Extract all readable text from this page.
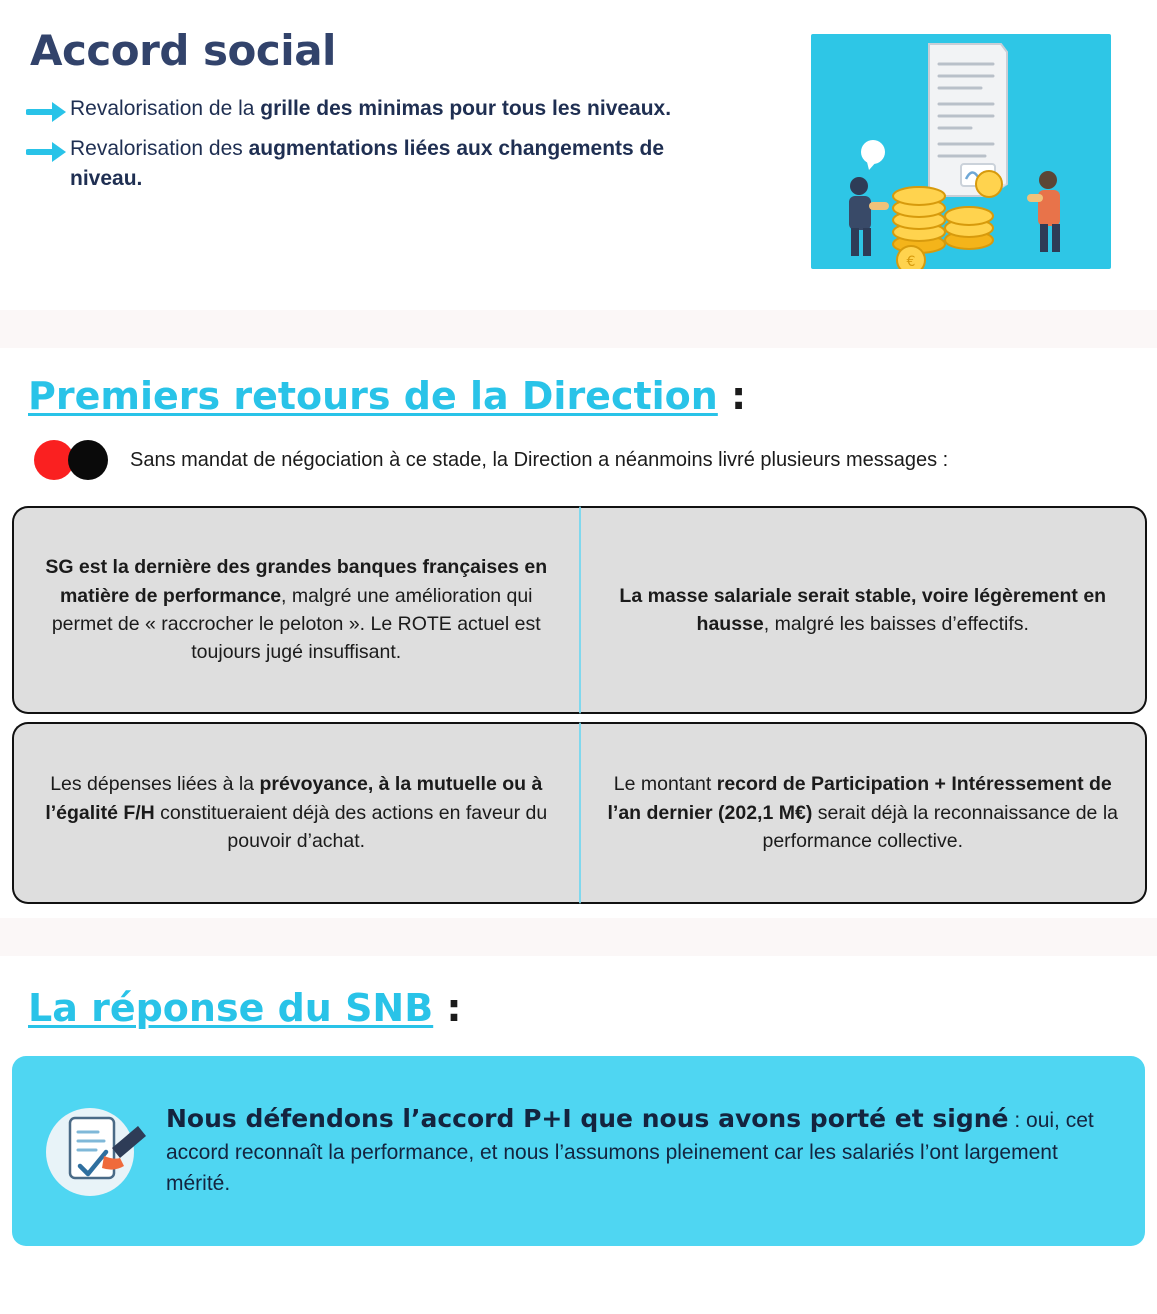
Accord social
Revalorisation de la grille des minimas pour tous les niveaux.
Revalorisation des augmentations liées aux changements de niveau.
€
Premiers retours de la Direction :
Sans mandat de négociation à ce stade, la Direction a néanmoins livré plusieurs messages :

SG est la dernière des grandes banques françaises en matière de performance, malgré une amélioration qui permet de « raccrocher le peloton ». Le ROTE actuel est toujours jugé insuffisant.

La masse salariale serait stable, voire légèrement en hausse, malgré les baisses d’effectifs.

Les dépenses liées à la prévoyance, à la mutuelle ou à l’égalité F/H constitueraient déjà des actions en faveur du pouvoir d’achat.

Le montant record de Participation + Intéressement de l’an dernier (202,1 M€) serait déjà la reconnaissance de la performance collective.

La réponse du SNB :
Nous défendons l’accord P+I que nous avons porté et signé : oui, cet accord reconnaît la performance, et nous l’assumons pleinement car les salariés l’ont largement mérité.
